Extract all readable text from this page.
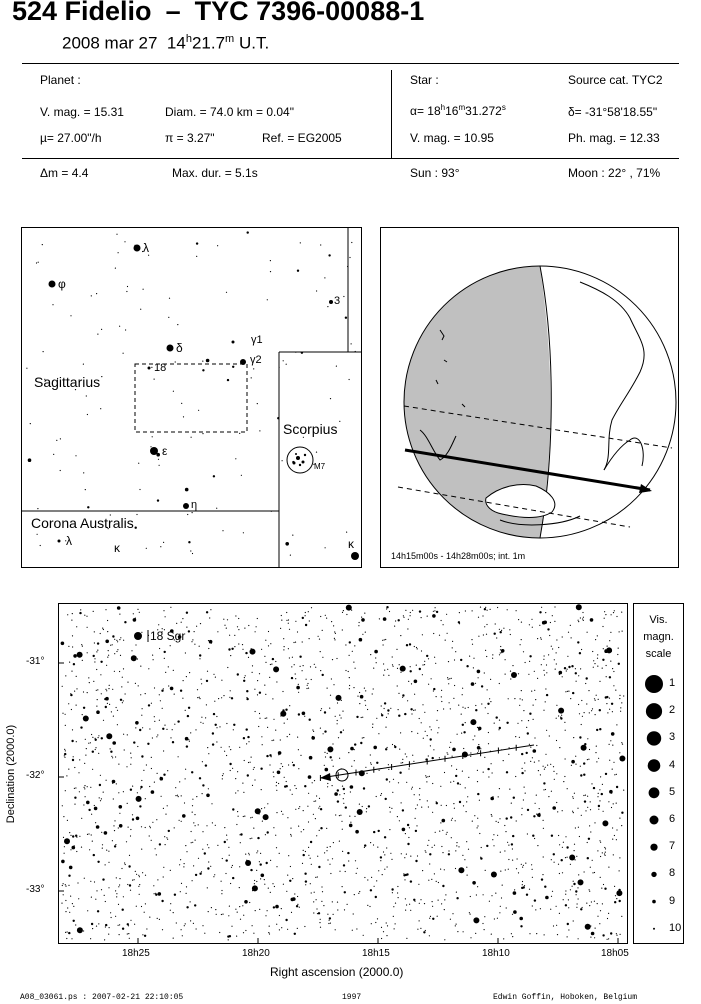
524 Fidelio – TYC 7396-00088-1
2008 mar 27 14$^h$21.7$^m$ U.T.
Planet :
V. mag. = 15.31	Diam. = 74.0 km = 0.04"
µ= 27.00"/h	π = 3.27"	Ref. = EG2005
Δm = 4.4	Max. dur. = 5.1s
Star :	Source cat. TYC2
$\alpha= 18^h16^m31.272^s$	δ= -31°58'18.55"
V. mag. = 10.95	Ph. mag. = 12.33
Sun : 93°	Moon : 22° , 71%
Sagittarius
Scorpius
Corona Australis
λ
φ
δ
γ1
γ2
3
18
ε
η
λ	κ	κ
M7
14h15m00s - 14h28m00s; int. 1m
18 Sgr
-31°
-32°
-33°
18h25	18h20	18h15	18h10	18h05
Right ascension (2000.0)
Declination (2000.0)
Vis.
magn.
scale
1
2
3
4
5
6
7
8
9
10
A08_03061.ps : 2007-02-21 22:10:05	1997	Edwin Goffin, Hoboken, Belgium
